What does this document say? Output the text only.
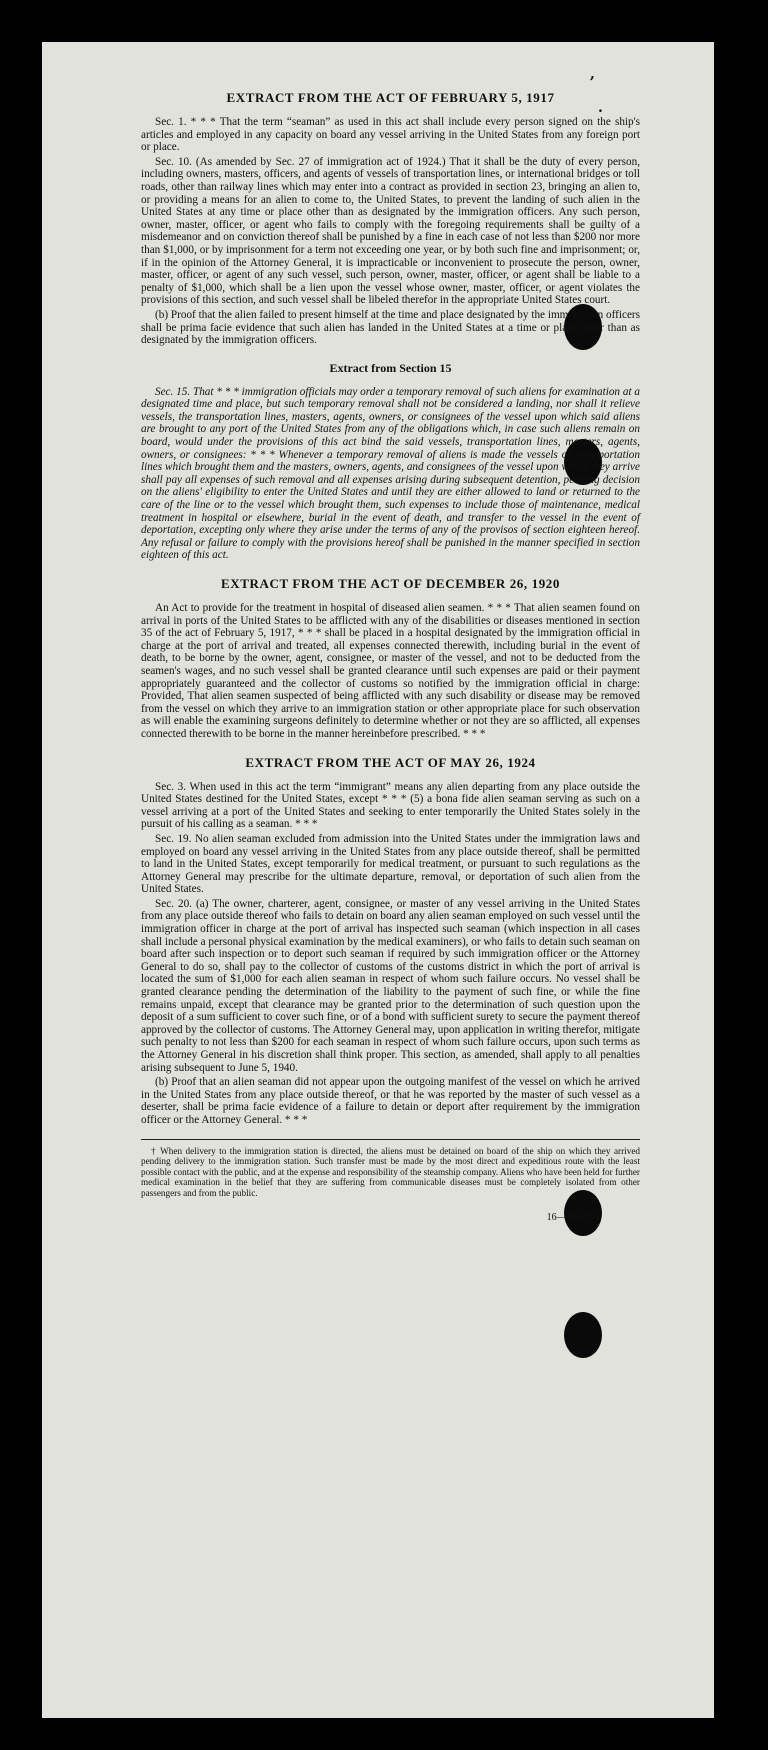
,
.
EXTRACT FROM THE ACT OF FEBRUARY 5, 1917

Sec. 1. * * * That the term “seaman” as used in this act shall include every person signed on the ship's articles and employed in any capacity on board any vessel arriving in the United States from any foreign port or place.

Sec. 10. (As amended by Sec. 27 of immigration act of 1924.) That it shall be the duty of every person, including owners, masters, officers, and agents of vessels of transportation lines, or international bridges or toll roads, other than railway lines which may enter into a contract as provided in section 23, bringing an alien to, or providing a means for an alien to come to, the United States, to prevent the landing of such alien in the United States at any time or place other than as designated by the immigration officers. Any such person, owner, master, officer, or agent who fails to comply with the foregoing requirements shall be guilty of a misdemeanor and on conviction thereof shall be punished by a fine in each case of not less than $200 nor more than $1,000, or by imprisonment for a term not exceeding one year, or by both such fine and imprisonment; or, if in the opinion of the Attorney General, it is impracticable or inconvenient to prosecute the person, owner, master, officer, or agent of any such vessel, such person, owner, master, officer, or agent shall be liable to a penalty of $1,000, which shall be a lien upon the vessel whose owner, master, officer, or agent violates the provisions of this section, and such vessel shall be libeled therefor in the appropriate United States court.

(b) Proof that the alien failed to present himself at the time and place designated by the immigration officers shall be prima facie evidence that such alien has landed in the United States at a time or place other than as designated by the immigration officers.

Extract from Section 15

Sec. 15. That * * * immigration officials may order a temporary removal of such aliens for examination at a designated time and place, but such temporary removal shall not be considered a landing, nor shall it relieve vessels, the transportation lines, masters, agents, owners, or consignees of the vessel upon which said aliens are brought to any port of the United States from any of the obligations which, in case such aliens remain on board, would under the provisions of this act bind the said vessels, transportation lines, masters, agents, owners, or consignees: * * * Whenever a temporary removal of aliens is made the vessels or transportation lines which brought them and the masters, owners, agents, and consignees of the vessel upon which they arrive shall pay all expenses of such removal and all expenses arising during subsequent detention, pending decision on the aliens' eligibility to enter the United States and until they are either allowed to land or returned to the care of the line or to the vessel which brought them, such expenses to include those of maintenance, medical treatment in hospital or elsewhere, burial in the event of death, and transfer to the vessel in the event of deportation, excepting only where they arise under the terms of any of the provisos of section eighteen hereof. Any refusal or failure to comply with the provisions hereof shall be punished in the manner specified in section eighteen of this act.

EXTRACT FROM THE ACT OF DECEMBER 26, 1920

An Act to provide for the treatment in hospital of diseased alien seamen. * * * That alien seamen found on arrival in ports of the United States to be afflicted with any of the disabilities or diseases mentioned in section 35 of the act of February 5, 1917, * * * shall be placed in a hospital designated by the immigration official in charge at the port of arrival and treated, all expenses connected therewith, including burial in the event of death, to be borne by the owner, agent, consignee, or master of the vessel, and not to be deducted from the seamen's wages, and no such vessel shall be granted clearance until such expenses are paid or their payment appropriately guaranteed and the collector of customs so notified by the immigration official in charge: Provided, That alien seamen suspected of being afflicted with any such disability or disease may be removed from the vessel on which they arrive to an immigration station or other appropriate place for such observation as will enable the examining surgeons definitely to determine whether or not they are so afflicted, all expenses connected therewith to be borne in the manner hereinbefore prescribed. * * *

EXTRACT FROM THE ACT OF MAY 26, 1924

Sec. 3. When used in this act the term “immigrant” means any alien departing from any place outside the United States destined for the United States, except * * * (5) a bona fide alien seaman serving as such on a vessel arriving at a port of the United States and seeking to enter temporarily the United States solely in the pursuit of his calling as a seaman. * * *

Sec. 19. No alien seaman excluded from admission into the United States under the immigration laws and employed on board any vessel arriving in the United States from any place outside thereof, shall be permitted to land in the United States, except temporarily for medical treatment, or pursuant to such regulations as the Attorney General may prescribe for the ultimate departure, removal, or deportation of such alien from the United States.

Sec. 20. (a) The owner, charterer, agent, consignee, or master of any vessel arriving in the United States from any place outside thereof who fails to detain on board any alien seaman employed on such vessel until the immigration officer in charge at the port of arrival has inspected such seaman (which inspection in all cases shall include a personal physical examination by the medical examiners), or who fails to detain such seaman on board after such inspection or to deport such seaman if required by such immigration officer or the Attorney General to do so, shall pay to the collector of customs of the customs district in which the port of arrival is located the sum of $1,000 for each alien seaman in respect of whom such failure occurs. No vessel shall be granted clearance pending the determination of the liability to the payment of such fine, or while the fine remains unpaid, except that clearance may be granted prior to the determination of such question upon the deposit of a sum sufficient to cover such fine, or of a bond with sufficient surety to secure the payment thereof approved by the collector of customs. The Attorney General may, upon application in writing therefor, mitigate such penalty to not less than $200 for each seaman in respect of whom such failure occurs, upon such terms as the Attorney General in his discretion shall think proper. This section, as amended, shall apply to all penalties arising subsequent to June 5, 1940.

(b) Proof that an alien seaman did not appear upon the outgoing manifest of the vessel on which he arrived in the United States from any place outside thereof, or that he was reported by the master of such vessel as a deserter, shall be prima facie evidence of a failure to detain or deport after requirement by the immigration officer or the Attorney General. * * *

† When delivery to the immigration station is directed, the aliens must be detained on board of the ship on which they arrived pending delivery to the immigration station. Such transfer must be made by the most direct and expeditious route with the least possible contact with the public, and at the expense and responsibility of the steamship company. Aliens who have been held for further medical examination in the belief that they are suffering from communicable diseases must be completely isolated from other passengers and from the public.

16—28027-1
